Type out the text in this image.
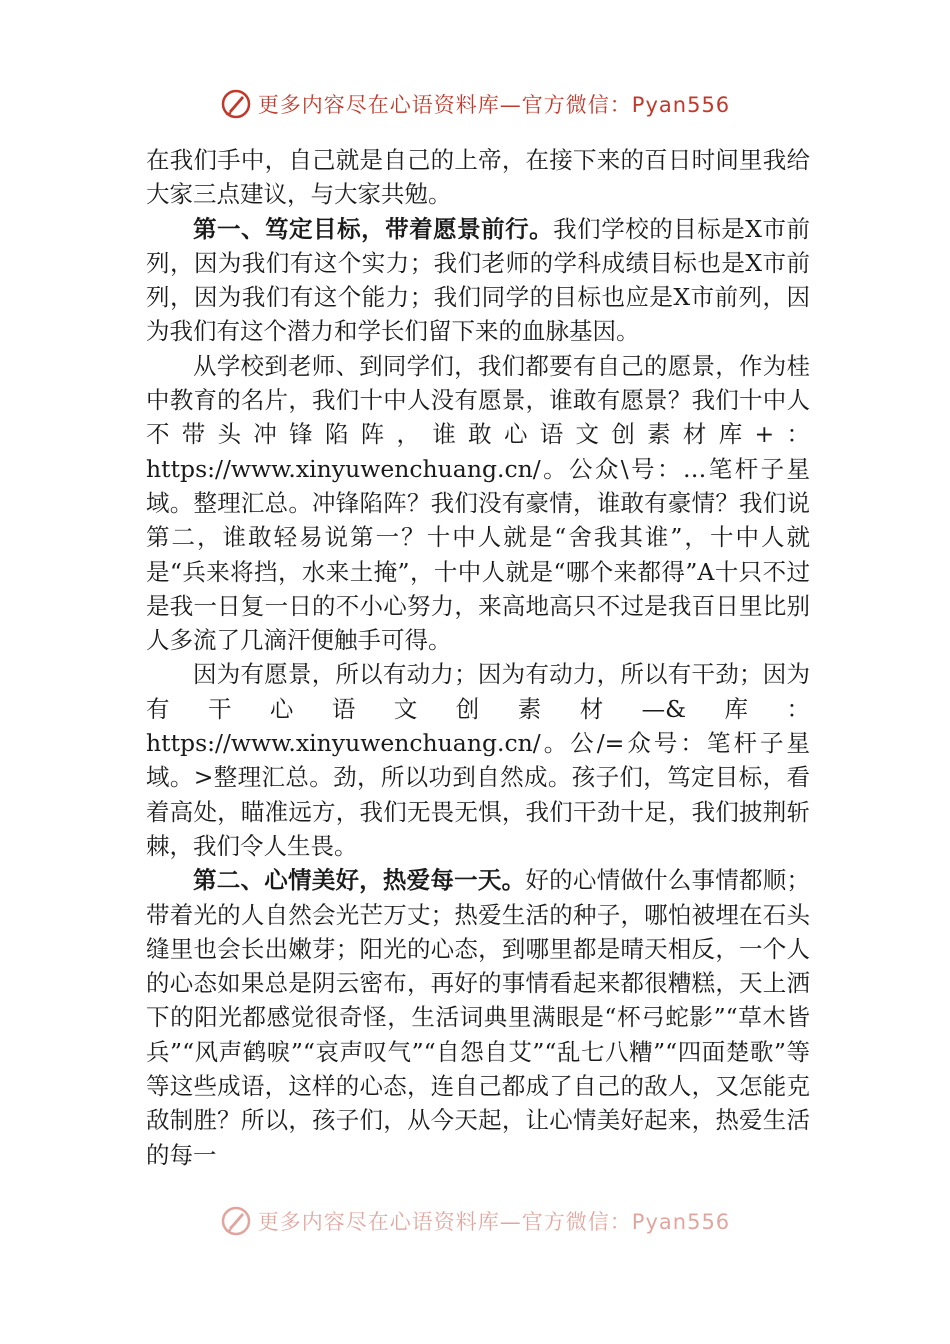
更多内容尽在心语资料库—官方微信：Pyan556

在我们手中，自己就是自己的上帝，在接下来的百日时间里我给大家三点建议，与大家共勉。

第一、笃定目标，带着愿景前行。我们学校的目标是X市前列，因为我们有这个实力；我们老师的学科成绩目标也是X市前列，因为我们有这个能力；我们同学的目标也应是X市前列，因为我们有这个潜力和学长们留下来的血脉基因。

从学校到老师、到同学们，我们都要有自己的愿景，作为桂中教育的名片，我们十中人没有愿景，谁敢有愿景？我们十中人不带头冲锋陷阵，谁敢心语文创素材库+：https://www.xinyuwenchuang.cn/。公众\号：…笔杆子星域。整理汇总。冲锋陷阵？我们没有豪情，谁敢有豪情？我们说第二，谁敢轻易说第一？十中人就是“舍我其谁”，十中人就是“兵来将挡，水来土掩”，十中人就是“哪个来都得”A十只不过是我一日复一日的不小心努力，来高地高只不过是我百日里比别人多流了几滴汗便触手可得。

因为有愿景，所以有动力；因为有动力，所以有干劲；因为有干心语文创素材—&库：https://www.xinyuwenchuang.cn/。公/=众号：笔杆子星域。>整理汇总。劲，所以功到自然成。孩子们，笃定目标，看着高处，瞄准远方，我们无畏无惧，我们干劲十足，我们披荆斩棘，我们令人生畏。

第二、心情美好，热爱每一天。好的心情做什么事情都顺；带着光的人自然会光芒万丈；热爱生活的种子，哪怕被埋在石头缝里也会长出嫩芽；阳光的心态，到哪里都是晴天相反，一个人的心态如果总是阴云密布，再好的事情看起来都很糟糕，天上洒下的阳光都感觉很奇怪，生活词典里满眼是“杯弓蛇影”“草木皆兵”“风声鹤唳”“哀声叹气”“自怨自艾”“乱七八糟”“四面楚歌”等等这些成语，这样的心态，连自己都成了自己的敌人，又怎能克敌制胜？所以，孩子们，从今天起，让心情美好起来，热爱生活的每一

更多内容尽在心语资料库—官方微信：Pyan556
